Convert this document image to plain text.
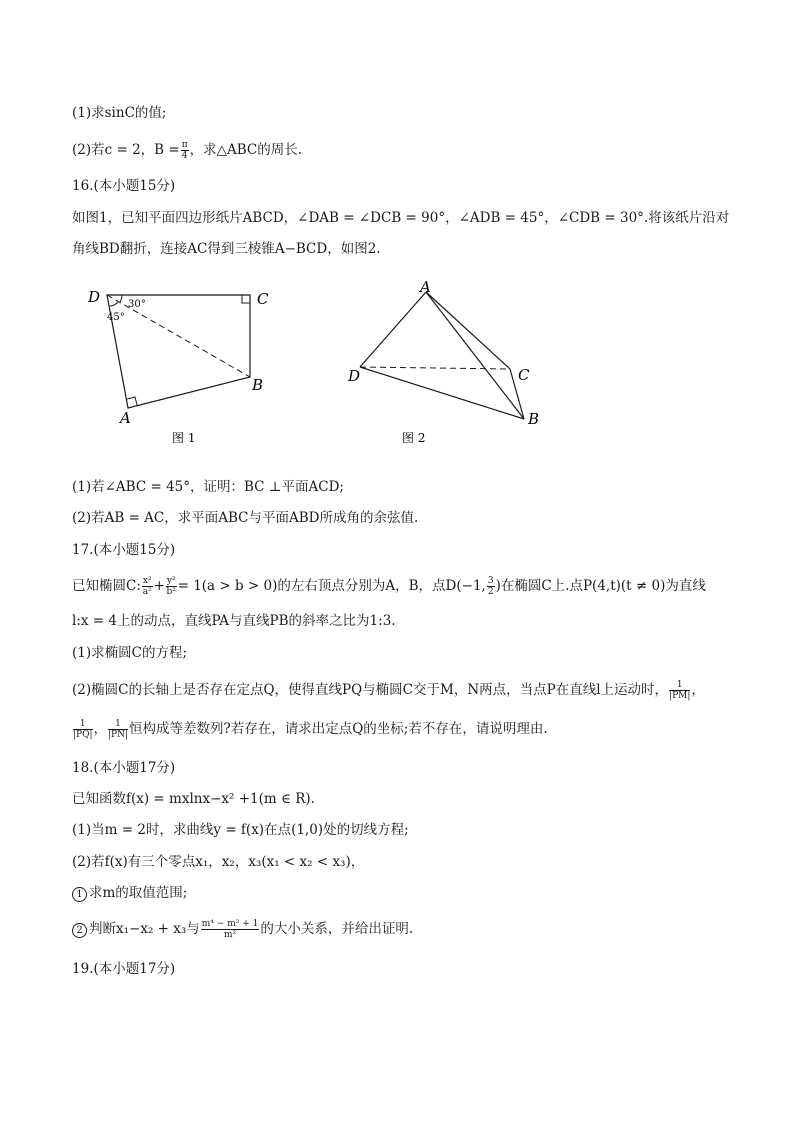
(1)求sinC的值;
(2)若c = 2，$B = \frac{\pi}{4}$ ，求△ABC的周长.
16.(本小题15分)
如图1，已知平面四边形纸片ABCD，∠DAB = ∠DCB = 90°，∠ADB = 45°，∠CDB = 30°.将该纸片沿对
角线BD翻折，连接AC得到三棱锥A−BCD，如图2.
D	C
B
A
30°
45°
图 1
A
D	C
B
图 2
(1)若∠ABC = 45°，证明：BC ⊥平面ACD;
(2)若AB = AC，求平面ABC与平面ABD所成角的余弦值.
17.(本小题15分)
已知椭圆C: $\frac{\text{x²}}{\text{a²}} + \frac{\text{y²}}{\text{b²}} = 1(a > b > 0)$的左右顶点分别为A，B，点D(−1, $\frac{3}{2}$ )在椭圆C上.点P(4,t)(t ≠ 0)为直线
l:x = 4上的动点，直线PA与直线PB的斜率之比为1:3.
(1)求椭圆C的方程;
(2)椭圆C的长轴上是否存在定点Q，使得直线PQ与椭圆C交于M，N两点，当点P在直线l上运动时， $\frac{1}{|PM|}$ ，
$\frac{1}{|PQ|}$ ， $\frac{1}{|PN|}$ 恒构成等差数列?若存在，请求出定点Q的坐标;若不存在，请说明理由.
18.(本小题17分)
已知函数f(x) = mxlnx−x² +1(m ∈ R).
(1)当m = 2时，求曲线y = f(x)在点(1,0)处的切线方程;
(2)若f(x)有三个零点x₁，x₂，x₃(x₁ < x₂ < x₃)，
1 求m的取值范围;
2 判断x₁−x₂ + x₃与 $\frac{\text{m⁴ − m² + 1}}{\text{m²}}$ 的大小关系，并给出证明.
19.(本小题17分)
